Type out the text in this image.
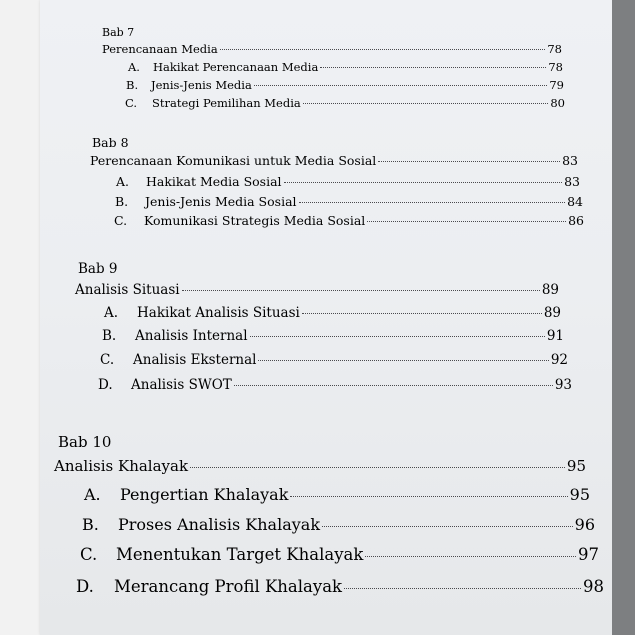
Bab 7
Perencanaan Media	78
A.	Hakikat Perencanaan Media	78
B.	Jenis-Jenis Media	79
C.	Strategi Pemilihan Media	80
Bab 8
Perencanaan Komunikasi untuk Media Sosial	83
A.	Hakikat Media Sosial	83
B.	Jenis-Jenis Media Sosial	84
C.	Komunikasi Strategis Media Sosial	86
Bab 9
Analisis Situasi	89
A.	Hakikat Analisis Situasi	89
B.	Analisis Internal	91
C.	Analisis Eksternal	92
D.	Analisis SWOT	93
Bab 10
Analisis Khalayak	95
A.	Pengertian Khalayak	95
B.	Proses Analisis Khalayak	96
C.	Menentukan Target Khalayak	97
D.	Merancang Profil Khalayak	98
